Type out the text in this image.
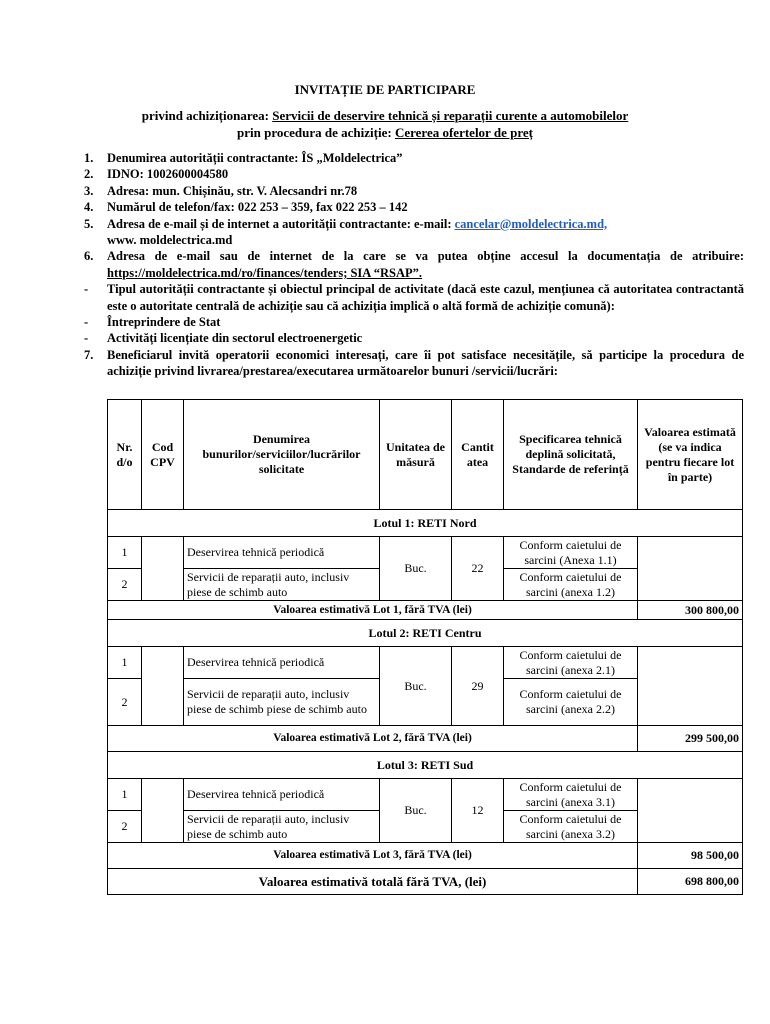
INVITAȚIE DE PARTICIPARE
privind achiziționarea: Servicii de deservire tehnică și reparații curente a automobilelor
prin procedura de achiziție: Cererea ofertelor de preț
1.	Denumirea autorității contractante: ÎS „Moldelectrica”
2.	IDNO: 1002600004580
3.	Adresa: mun. Chișinău, str. V. Alecsandri nr.78
4.	Numărul de telefon/fax: 022 253 – 359, fax 022 253 – 142
5.	Adresa de e-mail și de internet a autorității contractante: e-mail: cancelar@moldelectrica.md,
www. moldelectrica.md
6.	Adresa de e-mail sau de internet de la care se va putea obține accesul la documentația de atribuire: https://moldelectrica.md/ro/finances/tenders; SIA “RSAP”.
-	Tipul autorității contractante și obiectul principal de activitate (dacă este cazul, mențiunea că autoritatea contractantă este o autoritate centrală de achiziție sau că achiziția implică o altă formă de achiziție comună):
-	Întreprindere de Stat
-	Activități licențiate din sectorul electroenergetic
7.	Beneficiarul invită operatorii economici interesați, care îi pot satisface necesitățile, să participe la procedura de achiziție privind livrarea/prestarea/executarea următoarelor bunuri /servicii/lucrări:
Nr. d/o	Cod CPV	Denumirea bunurilor/serviciilor/lucrărilor solicitate	Unitatea de măsură	Cantit atea	Specificarea tehnică deplină solicitată, Standarde de referință	Valoarea estimată (se va indica pentru fiecare lot în parte)
Lotul 1: RETI Nord						
1		Deservirea tehnică periodică	Buc.	22	Conform caietului de sarcini (Anexa 1.1)	
2		Servicii de reparații auto, inclusiv piese de schimb auto			Conform caietului de sarcini (anexa 1.2)	
Valoarea estimativă Lot 1, fără TVA (lei)						300 800,00
Lotul 2: RETI Centru						
1		Deservirea tehnică periodică	Buc.	29	Conform caietului de sarcini (anexa 2.1)	
2		Servicii de reparații auto, inclusiv piese de schimb piese de schimb auto			Conform caietului de sarcini (anexa 2.2)	
Valoarea estimativă Lot 2, fără TVA (lei)						299 500,00
Lotul 3: RETI Sud						
1		Deservirea tehnică periodică	Buc.	12	Conform caietului de sarcini (anexa 3.1)	
2		Servicii de reparații auto, inclusiv piese de schimb auto			Conform caietului de sarcini (anexa 3.2)	
Valoarea estimativă Lot 3, fără TVA (lei)						98 500,00
Valoarea estimativă totală fără TVA, (lei)						698 800,00
